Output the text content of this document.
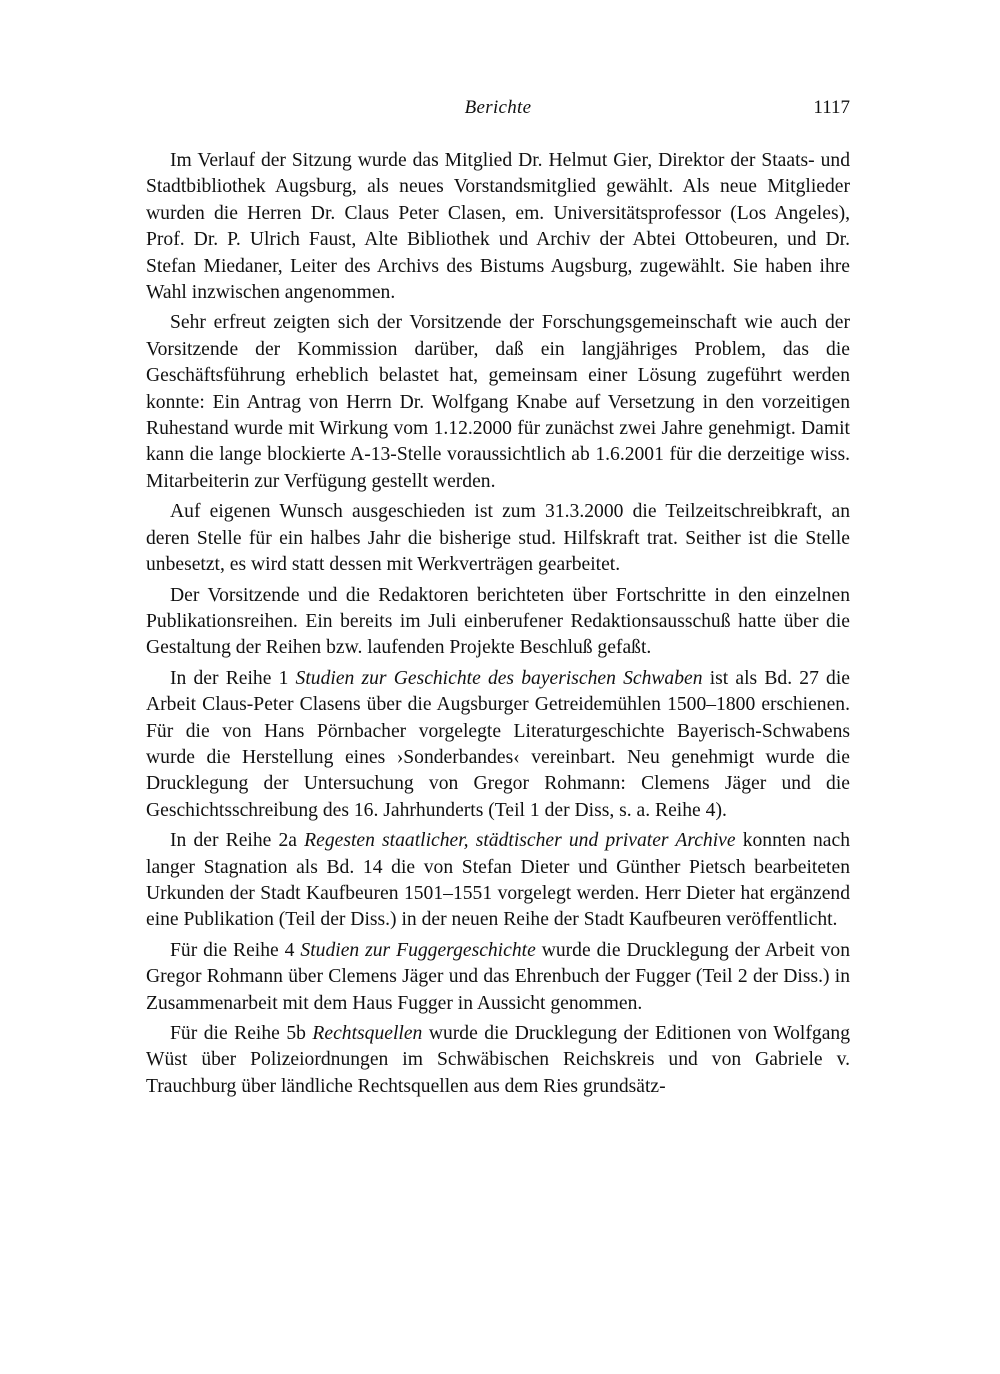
Berichte	1117

Im Verlauf der Sitzung wurde das Mitglied Dr. Helmut Gier, Direktor der Staats- und Stadtbibliothek Augsburg, als neues Vorstandsmitglied gewählt. Als neue Mitglieder wurden die Herren Dr. Claus Peter Clasen, em. Universitätsprofessor (Los Angeles), Prof. Dr. P. Ulrich Faust, Alte Bibliothek und Archiv der Abtei Ottobeuren, und Dr. Stefan Miedaner, Leiter des Archivs des Bistums Augsburg, zugewählt. Sie haben ihre Wahl inzwischen angenommen.

Sehr erfreut zeigten sich der Vorsitzende der Forschungsgemeinschaft wie auch der Vorsitzende der Kommission darüber, daß ein langjähriges Problem, das die Geschäftsführung erheblich belastet hat, gemeinsam einer Lösung zugeführt werden konnte: Ein Antrag von Herrn Dr. Wolfgang Knabe auf Versetzung in den vorzeitigen Ruhestand wurde mit Wirkung vom 1.12.2000 für zunächst zwei Jahre genehmigt. Damit kann die lange blockierte A-13-Stelle voraussichtlich ab 1.6.2001 für die derzeitige wiss. Mitarbeiterin zur Verfügung gestellt werden.

Auf eigenen Wunsch ausgeschieden ist zum 31.3.2000 die Teilzeitschreibkraft, an deren Stelle für ein halbes Jahr die bisherige stud. Hilfskraft trat. Seither ist die Stelle unbesetzt, es wird statt dessen mit Werkverträgen gearbeitet.

Der Vorsitzende und die Redaktoren berichteten über Fortschritte in den einzelnen Publikationsreihen. Ein bereits im Juli einberufener Redaktionsausschuß hatte über die Gestaltung der Reihen bzw. laufenden Projekte Beschluß gefaßt.

In der Reihe 1 Studien zur Geschichte des bayerischen Schwaben ist als Bd. 27 die Arbeit Claus-Peter Clasens über die Augsburger Getreidemühlen 1500–1800 erschienen. Für die von Hans Pörnbacher vorgelegte Literaturgeschichte Bayerisch-Schwabens wurde die Herstellung eines ›Sonderbandes‹ vereinbart. Neu genehmigt wurde die Drucklegung der Untersuchung von Gregor Rohmann: Clemens Jäger und die Geschichtsschreibung des 16. Jahrhunderts (Teil 1 der Diss, s. a. Reihe 4).

In der Reihe 2a Regesten staatlicher, städtischer und privater Archive konnten nach langer Stagnation als Bd. 14 die von Stefan Dieter und Günther Pietsch bearbeiteten Urkunden der Stadt Kaufbeuren 1501–1551 vorgelegt werden. Herr Dieter hat ergänzend eine Publikation (Teil der Diss.) in der neuen Reihe der Stadt Kaufbeuren veröffentlicht.

Für die Reihe 4 Studien zur Fuggergeschichte wurde die Drucklegung der Arbeit von Gregor Rohmann über Clemens Jäger und das Ehrenbuch der Fugger (Teil 2 der Diss.) in Zusammenarbeit mit dem Haus Fugger in Aussicht genommen.

Für die Reihe 5b Rechtsquellen wurde die Drucklegung der Editionen von Wolfgang Wüst über Polizeiordnungen im Schwäbischen Reichskreis und von Gabriele v. Trauchburg über ländliche Rechtsquellen aus dem Ries grundsätz-
